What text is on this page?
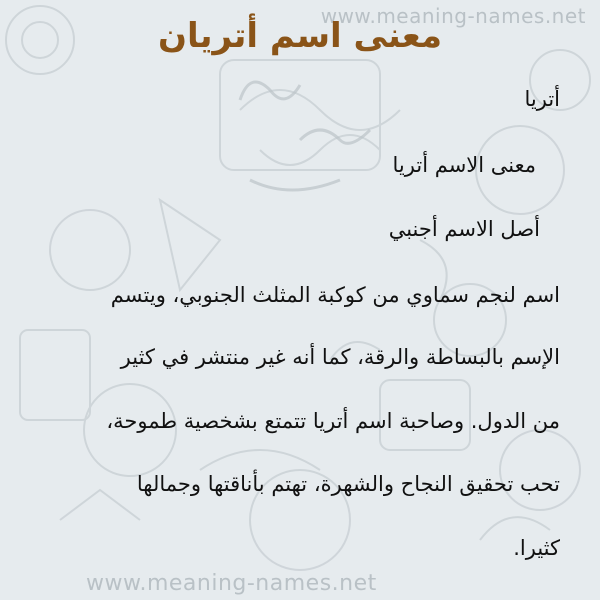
www.meaning-names.net
معنى اسم أتريان
أتريا
معنى الاسم أتريا
أصل الاسم أجنبي
اسم لنجم سماوي من كوكبة المثلث الجنوبي، ويتسم
الإسم بالبساطة والرقة، كما أنه غير منتشر في كثير
من الدول. وصاحبة اسم أتريا تتمتع بشخصية طموحة،
تحب تحقيق النجاح والشهرة، تهتم بأناقتها وجمالها
كثيرا.
www.meaning-names.net
